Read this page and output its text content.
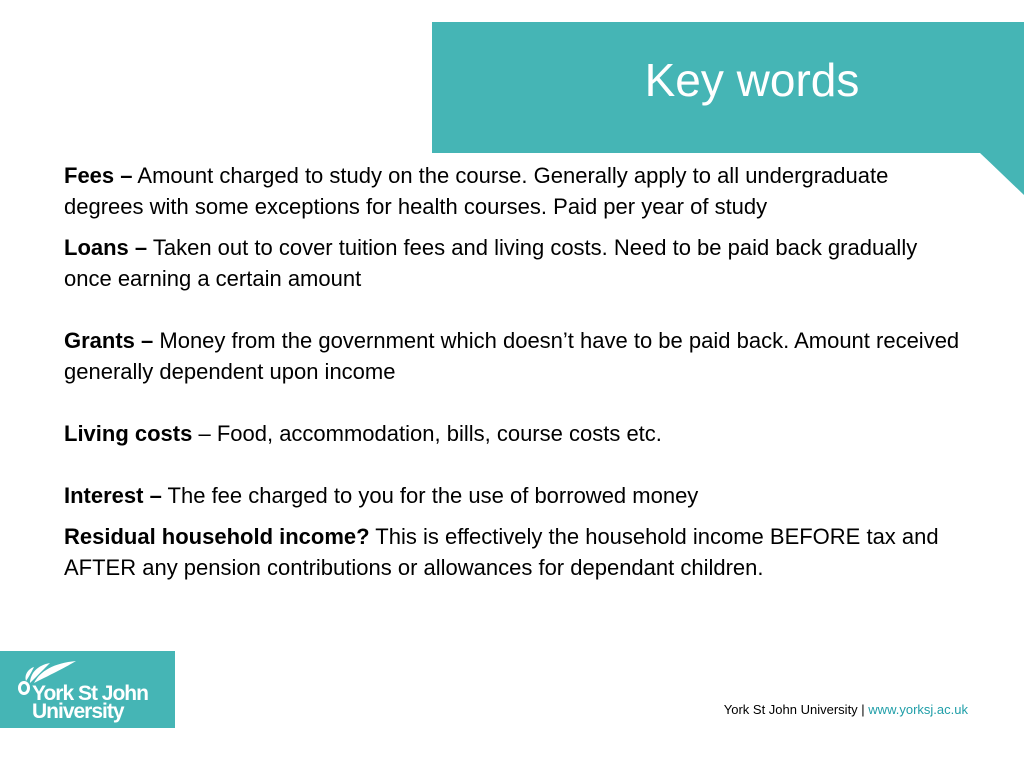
Key words

Fees – Amount charged to study on the course. Generally apply to all undergraduate degrees with some exceptions for health courses. Paid per year of study

Loans – Taken out to cover tuition fees and living costs. Need to be paid back gradually once earning a certain amount

Grants – Money from the government which doesn’t have to be paid back. Amount received generally dependent upon income

Living costs – Food, accommodation, bills, course costs etc.

Interest – The fee charged to you for the use of borrowed money

Residual household income? This is effectively the household income BEFORE tax and AFTER any pension contributions or allowances for dependant children.

York St John
University	York St John University | www.yorksj.ac.uk
